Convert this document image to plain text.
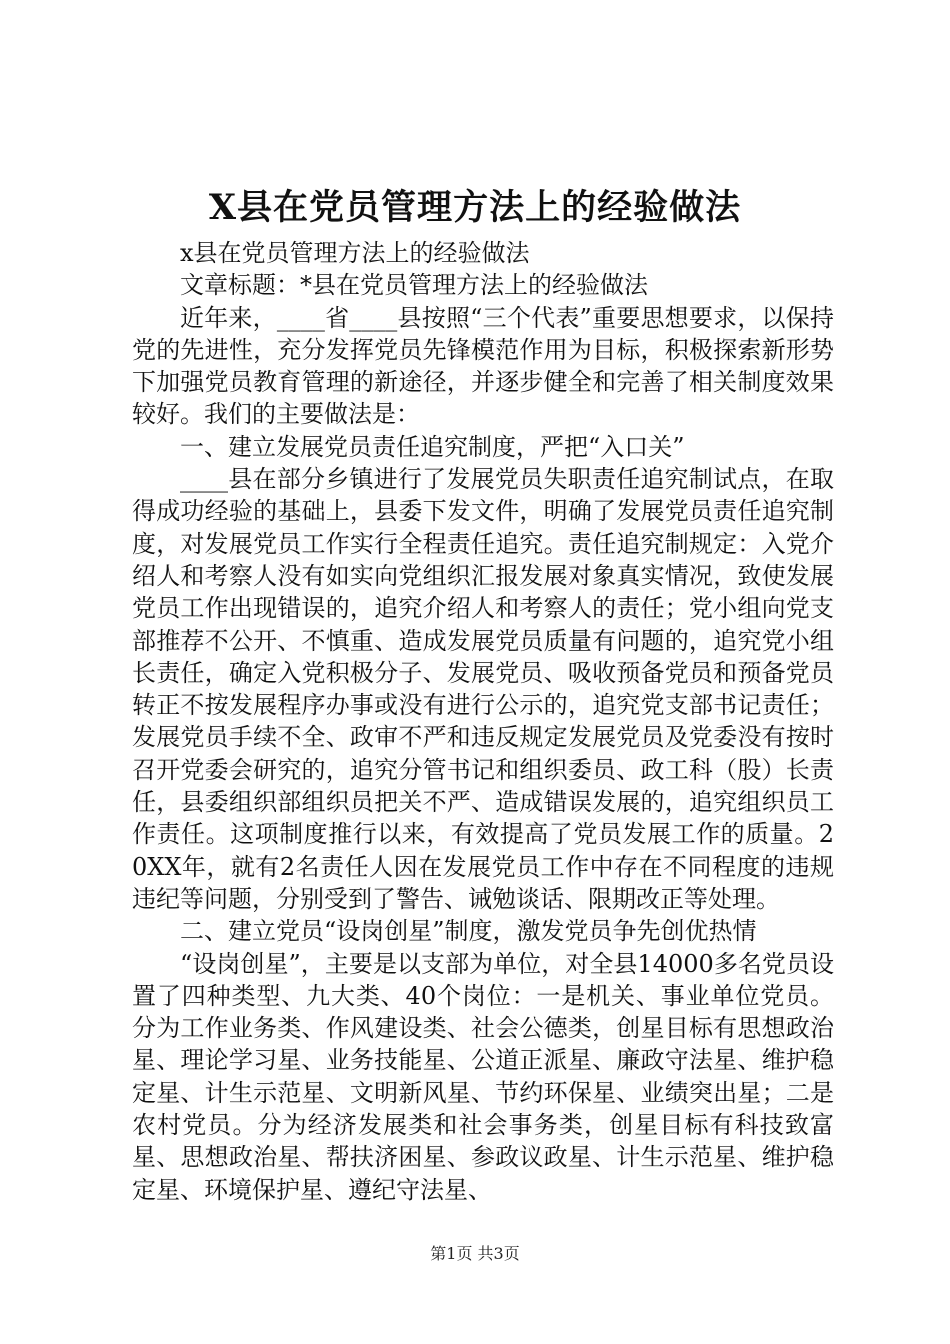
X县在党员管理方法上的经验做法

x县在党员管理方法上的经验做法

文章标题：*县在党员管理方法上的经验做法

近年来，____省____县按照“三个代表”重要思想要求，以保持党的先进性，充分发挥党员先锋模范作用为目标，积极探索新形势下加强党员教育管理的新途径，并逐步健全和完善了相关制度效果较好。我们的主要做法是：

一、建立发展党员责任追究制度，严把“入口关”

____县在部分乡镇进行了发展党员失职责任追究制试点，在取得成功经验的基础上，县委下发文件，明确了发展党员责任追究制度，对发展党员工作实行全程责任追究。责任追究制规定：入党介绍人和考察人没有如实向党组织汇报发展对象真实情况，致使发展党员工作出现错误的，追究介绍人和考察人的责任；党小组向党支部推荐不公开、不慎重、造成发展党员质量有问题的，追究党小组长责任，确定入党积极分子、发展党员、吸收预备党员和预备党员转正不按发展程序办事或没有进行公示的，追究党支部书记责任；发展党员手续不全、政审不严和违反规定发展党员及党委没有按时召开党委会研究的，追究分管书记和组织委员、政工科（股）长责任，县委组织部组织员把关不严、造成错误发展的，追究组织员工作责任。这项制度推行以来，有效提高了党员发展工作的质量。20XX年，就有2名责任人因在发展党员工作中存在不同程度的违规违纪等问题，分别受到了警告、诫勉谈话、限期改正等处理。

二、建立党员“设岗创星”制度，激发党员争先创优热情

“设岗创星”，主要是以支部为单位，对全县14000多名党员设置了四种类型、九大类、40个岗位：一是机关、事业单位党员。分为工作业务类、作风建设类、社会公德类，创星目标有思想政治星、理论学习星、业务技能星、公道正派星、廉政守法星、维护稳定星、计生示范星、文明新风星、节约环保星、业绩突出星；二是农村党员。分为经济发展类和社会事务类，创星目标有科技致富星、思想政治星、帮扶济困星、参政议政星、计生示范星、维护稳定星、环境保护星、遵纪守法星、

第1页 共3页
